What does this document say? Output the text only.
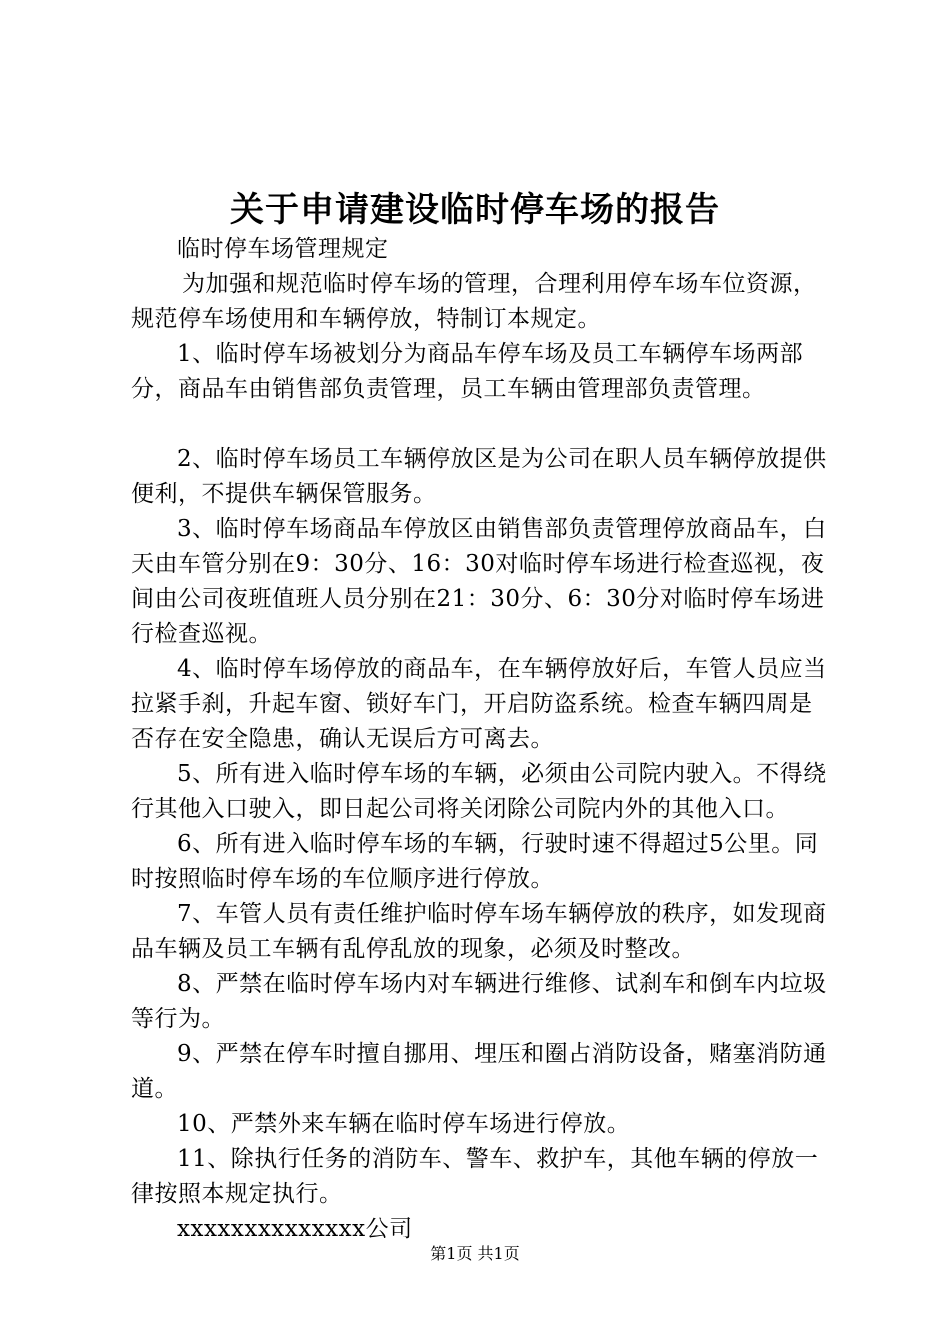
关于申请建设临时停车场的报告

临时停车场管理规定

为加强和规范临时停车场的管理，合理利用停车场车位资源，规范停车场使用和车辆停放，特制订本规定。

1、临时停车场被划分为商品车停车场及员工车辆停车场两部分，商品车由销售部负责管理，员工车辆由管理部负责管理。

2、临时停车场员工车辆停放区是为公司在职人员车辆停放提供便利，不提供车辆保管服务。

3、临时停车场商品车停放区由销售部负责管理停放商品车，白天由车管分别在9：30分、16：30对临时停车场进行检查巡视，夜间由公司夜班值班人员分别在21：30分、6：30分对临时停车场进行检查巡视。

4、临时停车场停放的商品车，在车辆停放好后，车管人员应当拉紧手刹，升起车窗、锁好车门，开启防盗系统。检查车辆四周是否存在安全隐患，确认无误后方可离去。

5、所有进入临时停车场的车辆，必须由公司院内驶入。不得绕行其他入口驶入，即日起公司将关闭除公司院内外的其他入口。

6、所有进入临时停车场的车辆，行驶时速不得超过5公里。同时按照临时停车场的车位顺序进行停放。

7、车管人员有责任维护临时停车场车辆停放的秩序，如发现商品车辆及员工车辆有乱停乱放的现象，必须及时整改。

8、严禁在临时停车场内对车辆进行维修、试刹车和倒车内垃圾等行为。

9、严禁在停车时擅自挪用、埋压和圈占消防设备，赌塞消防通道。

10、严禁外来车辆在临时停车场进行停放。

11、除执行任务的消防车、警车、救护车，其他车辆的停放一律按照本规定执行。

xxxxxxxxxxxxxx公司

第1页 共1页
